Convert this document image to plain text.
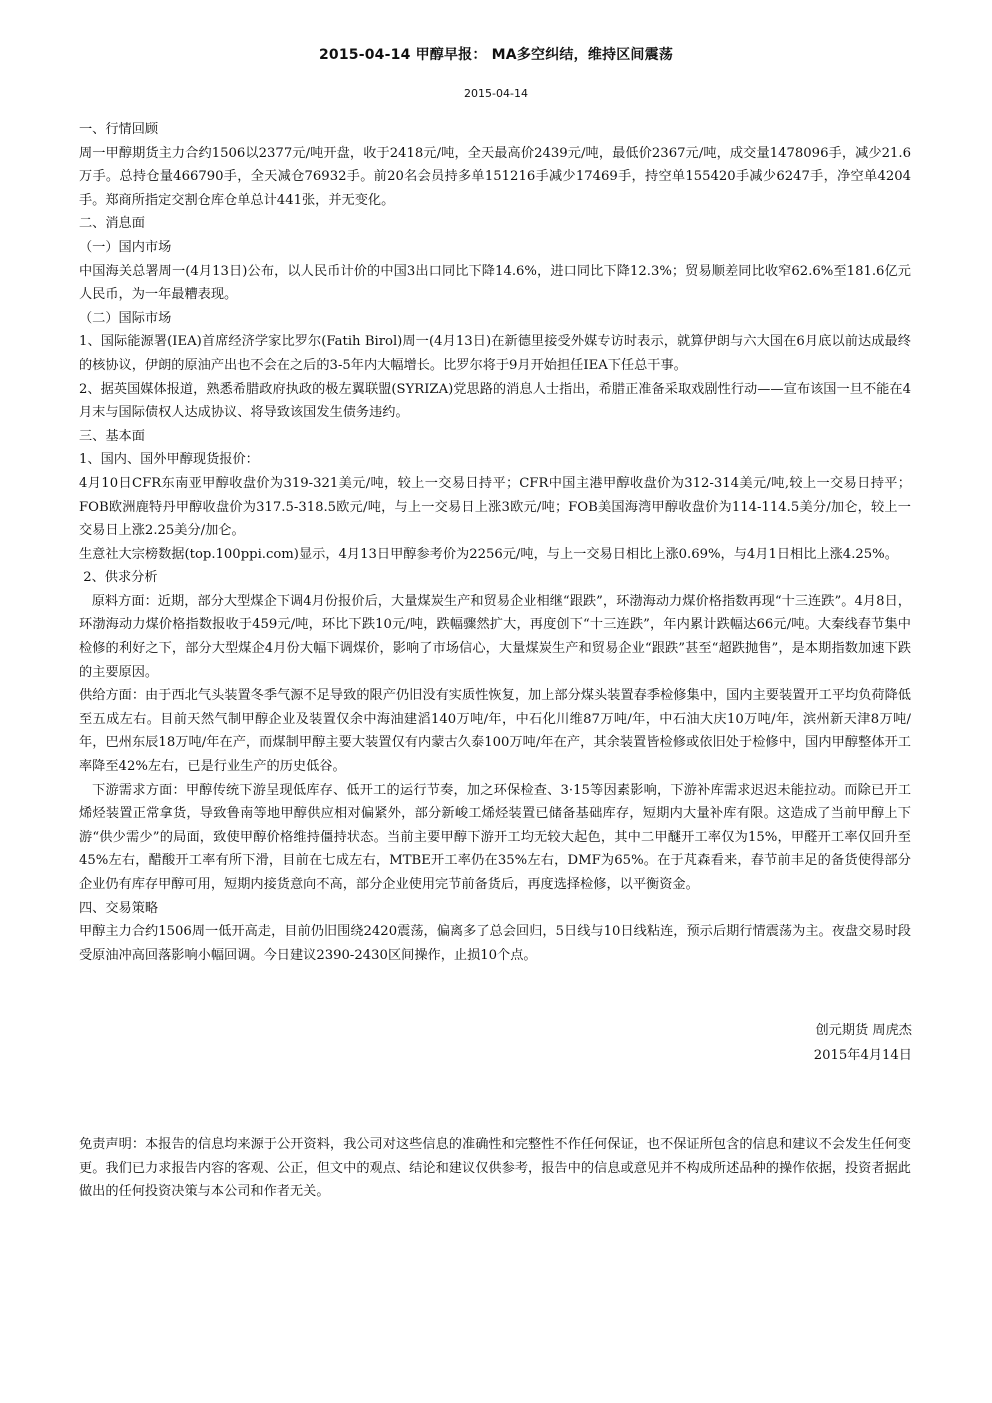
2015-04-14 甲醇早报： MA多空纠结，维持区间震荡
2015-04-14

一、行情回顾

周一甲醇期货主力合约1506以2377元/吨开盘，收于2418元/吨，全天最高价2439元/吨，最低价2367元/吨，成交量1478096手，减少21.6万手。总持仓量466790手，全天减仓76932手。前20名会员持多单151216手减少17469手，持空单155420手减少6247手，净空单4204手。郑商所指定交割仓库仓单总计441张，并无变化。

二、消息面

（一）国内市场

中国海关总署周一(4月13日)公布，以人民币计价的中国3出口同比下降14.6%，进口同比下降12.3%；贸易顺差同比收窄62.6%至181.6亿元人民币，为一年最糟表现。

（二）国际市场

1、国际能源署(IEA)首席经济学家比罗尔(Fatih Birol)周一(4月13日)在新德里接受外媒专访时表示，就算伊朗与六大国在6月底以前达成最终的核协议，伊朗的原油产出也不会在之后的3-5年内大幅增长。比罗尔将于9月开始担任IEA下任总干事。

2、据英国媒体报道，熟悉希腊政府执政的极左翼联盟(SYRIZA)党思路的消息人士指出，希腊正准备采取戏剧性行动——宣布该国一旦不能在4月末与国际债权人达成协议、将导致该国发生债务违约。

三、基本面

1、国内、国外甲醇现货报价：

4月10日CFR东南亚甲醇收盘价为319-321美元/吨，较上一交易日持平；CFR中国主港甲醇收盘价为312-314美元/吨,较上一交易日持平；FOB欧洲鹿特丹甲醇收盘价为317.5-318.5欧元/吨，与上一交易日上涨3欧元/吨；FOB美国海湾甲醇收盘价为114-114.5美分/加仑，较上一交易日上涨2.25美分/加仑。

生意社大宗榜数据(top.100ppi.com)显示，4月13日甲醇参考价为2256元/吨，与上一交易日相比上涨0.69%，与4月1日相比上涨4.25%。

2、供求分析

原料方面：近期，部分大型煤企下调4月份报价后，大量煤炭生产和贸易企业相继“跟跌”，环渤海动力煤价格指数再现“十三连跌”。4月8日，环渤海动力煤价格指数报收于459元/吨，环比下跌10元/吨，跌幅骤然扩大，再度创下“十三连跌”，年内累计跌幅达66元/吨。大秦线春节集中检修的利好之下，部分大型煤企4月份大幅下调煤价，影响了市场信心，大量煤炭生产和贸易企业“跟跌”甚至“超跌抛售”，是本期指数加速下跌的主要原因。

供给方面：由于西北气头装置冬季气源不足导致的限产仍旧没有实质性恢复，加上部分煤头装置春季检修集中，国内主要装置开工平均负荷降低至五成左右。目前天然气制甲醇企业及装置仅余中海油建滔140万吨/年，中石化川维87万吨/年，中石油大庆10万吨/年，滨州新天津8万吨/年，巴州东辰18万吨/年在产，而煤制甲醇主要大装置仅有内蒙古久泰100万吨/年在产，其余装置皆检修或依旧处于检修中，国内甲醇整体开工率降至42%左右，已是行业生产的历史低谷。

下游需求方面：甲醇传统下游呈现低库存、低开工的运行节奏，加之环保检查、3·15等因素影响，下游补库需求迟迟未能拉动。而除已开工烯烃装置正常拿货，导致鲁南等地甲醇供应相对偏紧外，部分新峻工烯烃装置已储备基础库存，短期内大量补库有限。这造成了当前甲醇上下游“供少需少”的局面，致使甲醇价格维持僵持状态。当前主要甲醇下游开工均无较大起色，其中二甲醚开工率仅为15%，甲醛开工率仅回升至45%左右，醋酸开工率有所下滑，目前在七成左右，MTBE开工率仍在35%左右，DMF为65%。在于芃森看来，春节前丰足的备货使得部分企业仍有库存甲醇可用，短期内接货意向不高，部分企业使用完节前备货后，再度选择检修，以平衡资金。

四、交易策略

甲醇主力合约1506周一低开高走，目前仍旧围绕2420震荡，偏离多了总会回归，5日线与10日线粘连，预示后期行情震荡为主。夜盘交易时段受原油冲高回落影响小幅回调。今日建议2390-2430区间操作，止损10个点。

创元期货 周虎杰
2015年4月14日

免责声明：本报告的信息均来源于公开资料，我公司对这些信息的准确性和完整性不作任何保证，也不保证所包含的信息和建议不会发生任何变更。我们已力求报告内容的客观、公正，但文中的观点、结论和建议仅供参考，报告中的信息或意见并不构成所述品种的操作依据，投资者据此做出的任何投资决策与本公司和作者无关。
